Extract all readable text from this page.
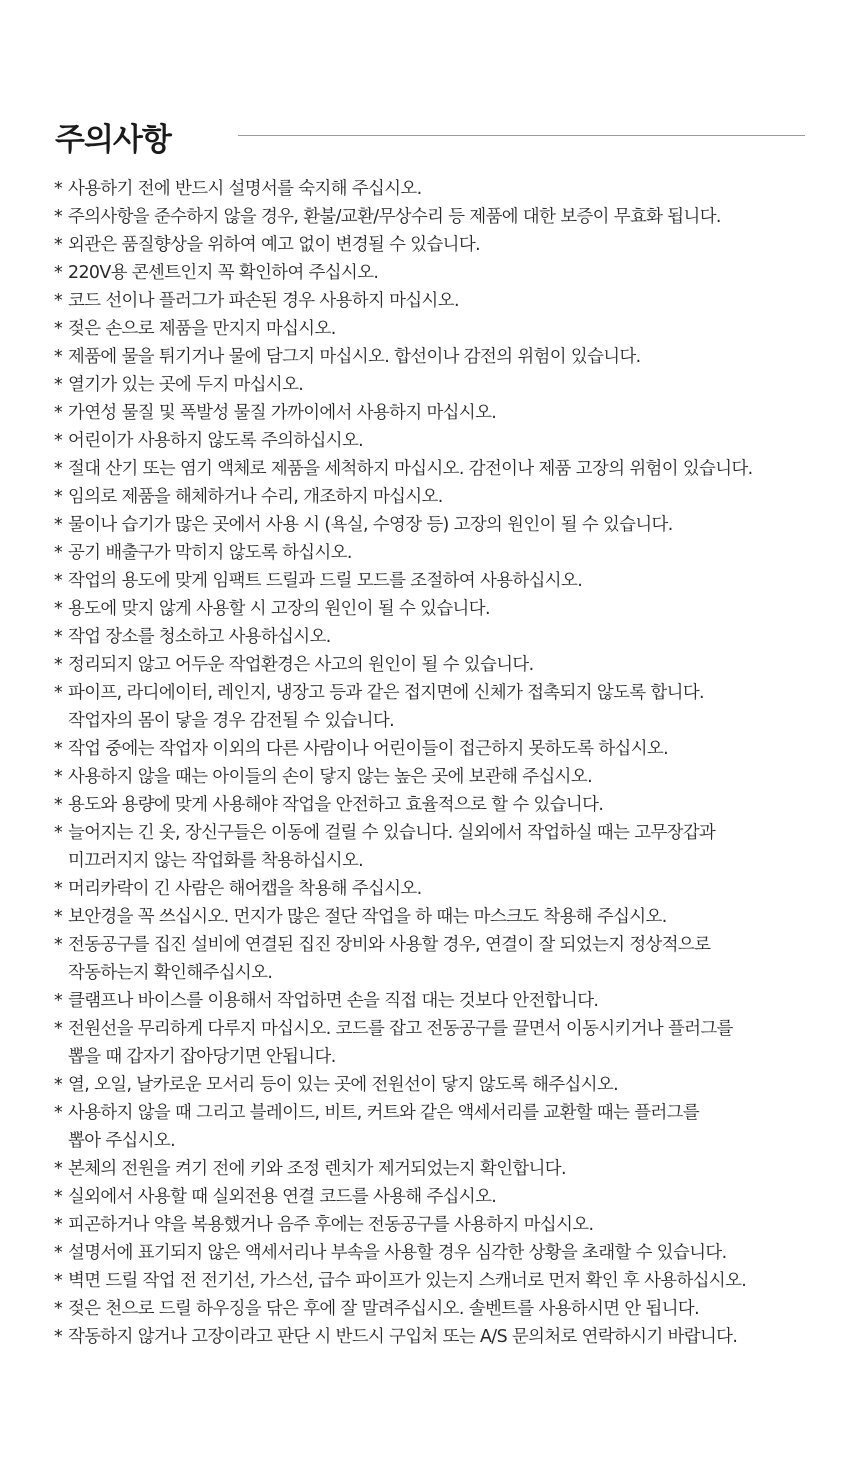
주의사항
* 사용하기 전에 반드시 설명서를 숙지해 주십시오.
* 주의사항을 준수하지 않을 경우, 환불/교환/무상수리 등 제품에 대한 보증이 무효화 됩니다.
* 외관은 품질향상을 위하여 예고 없이 변경될 수 있습니다.
* 220V용 콘센트인지 꼭 확인하여 주십시오.
* 코드 선이나 플러그가 파손된 경우 사용하지 마십시오.
* 젖은 손으로 제품을 만지지 마십시오.
* 제품에 물을 튀기거나 물에 담그지 마십시오. 합선이나 감전의 위험이 있습니다.
* 열기가 있는 곳에 두지 마십시오.
* 가연성 물질 및 폭발성 물질 가까이에서 사용하지 마십시오.
* 어린이가 사용하지 않도록 주의하십시오.
* 절대 산기 또는 염기 액체로 제품을 세척하지 마십시오. 감전이나 제품 고장의 위험이 있습니다.
* 임의로 제품을 해체하거나 수리, 개조하지 마십시오.
* 물이나 습기가 많은 곳에서 사용 시 (욕실, 수영장 등) 고장의 원인이 될 수 있습니다.
* 공기 배출구가 막히지 않도록 하십시오.
* 작업의 용도에 맞게 임팩트 드릴과 드릴 모드를 조절하여 사용하십시오.
* 용도에 맞지 않게 사용할 시 고장의 원인이 될 수 있습니다.
* 작업 장소를 청소하고 사용하십시오.
* 정리되지 않고 어두운 작업환경은 사고의 원인이 될 수 있습니다.
* 파이프, 라디에이터, 레인지, 냉장고 등과 같은 접지면에 신체가 접촉되지 않도록 합니다.
작업자의 몸이 닿을 경우 감전될 수 있습니다.
* 작업 중에는 작업자 이외의 다른 사람이나 어린이들이 접근하지 못하도록 하십시오.
* 사용하지 않을 때는 아이들의 손이 닿지 않는 높은 곳에 보관해 주십시오.
* 용도와 용량에 맞게 사용해야 작업을 안전하고 효율적으로 할 수 있습니다.
* 늘어지는 긴 옷, 장신구들은 이동에 걸릴 수 있습니다. 실외에서 작업하실 때는 고무장갑과
미끄러지지 않는 작업화를 착용하십시오.
* 머리카락이 긴 사람은 해어캡을 착용해 주십시오.
* 보안경을 꼭 쓰십시오. 먼지가 많은 절단 작업을 하 때는 마스크도 착용해 주십시오.
* 전동공구를 집진 설비에 연결된 집진 장비와 사용할 경우, 연결이 잘 되었는지 정상적으로
작동하는지 확인해주십시오.
* 클램프나 바이스를 이용해서 작업하면 손을 직접 대는 것보다 안전합니다.
* 전원선을 무리하게 다루지 마십시오. 코드를 잡고 전동공구를 끌면서 이동시키거나 플러그를
뽑을 때 갑자기 잡아당기면 안됩니다.
* 열, 오일, 날카로운 모서리 등이 있는 곳에 전원선이 닿지 않도록 해주십시오.
* 사용하지 않을 때 그리고 블레이드, 비트, 커트와 같은 액세서리를 교환할 때는 플러그를
뽑아 주십시오.
* 본체의 전원을 켜기 전에 키와 조정 렌치가 제거되었는지 확인합니다.
* 실외에서 사용할 때 실외전용 연결 코드를 사용해 주십시오.
* 피곤하거나 약을 복용했거나 음주 후에는 전동공구를 사용하지 마십시오.
* 설명서에 표기되지 않은 액세서리나 부속을 사용할 경우 심각한 상황을 초래할 수 있습니다.
* 벽면 드릴 작업 전 전기선, 가스선, 급수 파이프가 있는지 스캐너로 먼저 확인 후 사용하십시오.
* 젖은 천으로 드릴 하우징을 닦은 후에 잘 말려주십시오. 솔벤트를 사용하시면 안 됩니다.
* 작동하지 않거나 고장이라고 판단 시 반드시 구입처 또는 A/S 문의처로 연락하시기 바랍니다.
